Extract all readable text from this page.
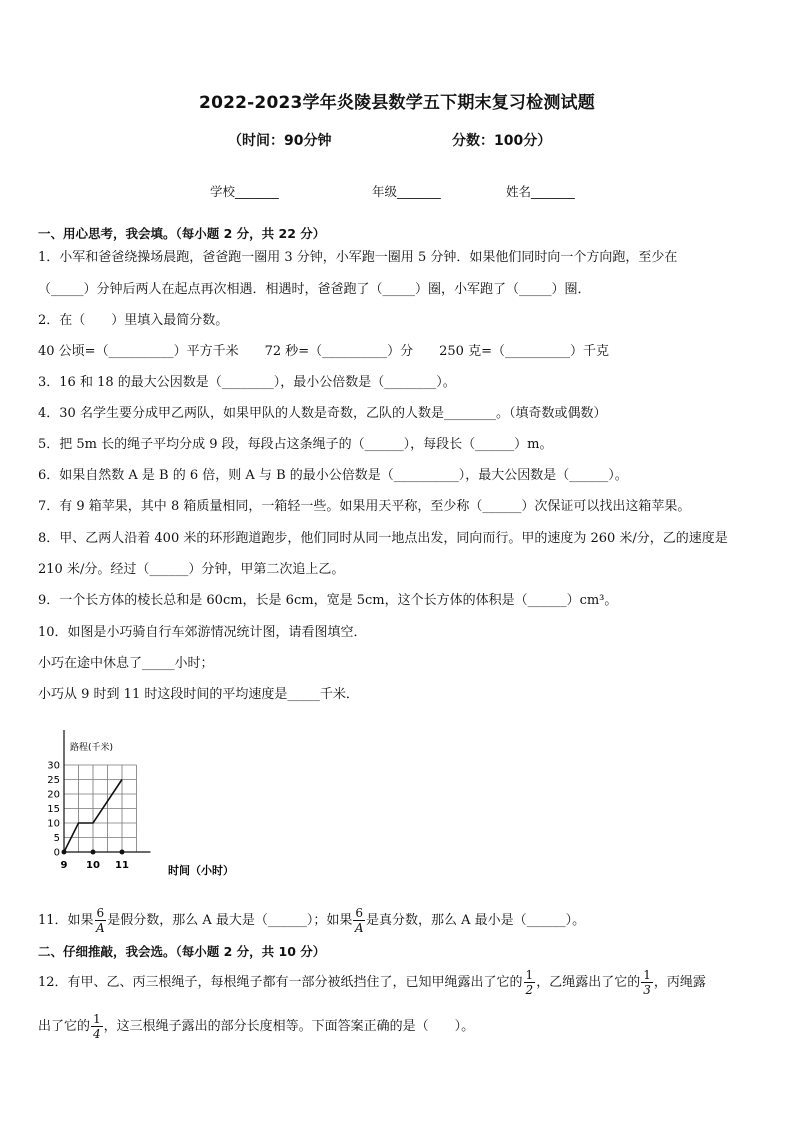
2022-2023学年炎陵县数学五下期末复习检测试题
（时间：90分钟	分数：100分）
学校_______	年级_______	姓名_______
一、用心思考，我会填。（每小题 2 分，共 22 分）
1．小军和爸爸绕操场晨跑，爸爸跑一圈用 3 分钟，小军跑一圈用 5 分钟．如果他们同时向一个方向跑，至少在
（_____）分钟后两人在起点再次相遇．相遇时，爸爸跑了（_____）圈，小军跑了（_____）圈．
2．在（　　）里填入最简分数。
40 公顷=（__________）平方千米　　72 秒=（__________）分　　250 克=（__________）千克
3．16 和 18 的最大公因数是（________），最小公倍数是（________）。
4．30 名学生要分成甲乙两队，如果甲队的人数是奇数，乙队的人数是________。（填奇数或偶数）
5．把 5m 长的绳子平均分成 9 段，每段占这条绳子的（______），每段长（______）m。
6．如果自然数 A 是 B 的 6 倍，则 A 与 B 的最小公倍数是（__________），最大公因数是（______）。
7．有 9 箱苹果，其中 8 箱质量相同，一箱轻一些。如果用天平称，至少称（______）次保证可以找出这箱苹果。
8．甲、乙两人沿着 400 米的环形跑道跑步，他们同时从同一地点出发，同向而行。甲的速度为 260 米/分，乙的速度是
210 米/分。经过（______）分钟，甲第二次追上乙。
9．一个长方体的棱长总和是 60cm，长是 6cm，宽是 5cm，这个长方体的体积是（______）cm³。
10．如图是小巧骑自行车郊游情况统计图，请看图填空．
小巧在途中休息了_____小时；
小巧从 9 时到 11 时这段时间的平均速度是_____千米．
路程(千米)
0
5
10
15
20
25
30
9 10 11	时间（小时）
11．如果 $\frac{6}{A}$ 是假分数，那么 A 最大是（______）；如果 $\frac{6}{A}$ 是真分数，那么 A 最小是（______）。
二、仔细推敲，我会选。（每小题 2 分，共 10 分）
12．有甲、乙、丙三根绳子，每根绳子都有一部分被纸挡住了，已知甲绳露出了它的 $\frac{1}{2}$ ，乙绳露出了它的 $\frac{1}{3}$ ，丙绳露
出了它的 $\frac{1}{4}$ ，这三根绳子露出的部分长度相等。下面答案正确的是（　　）。
